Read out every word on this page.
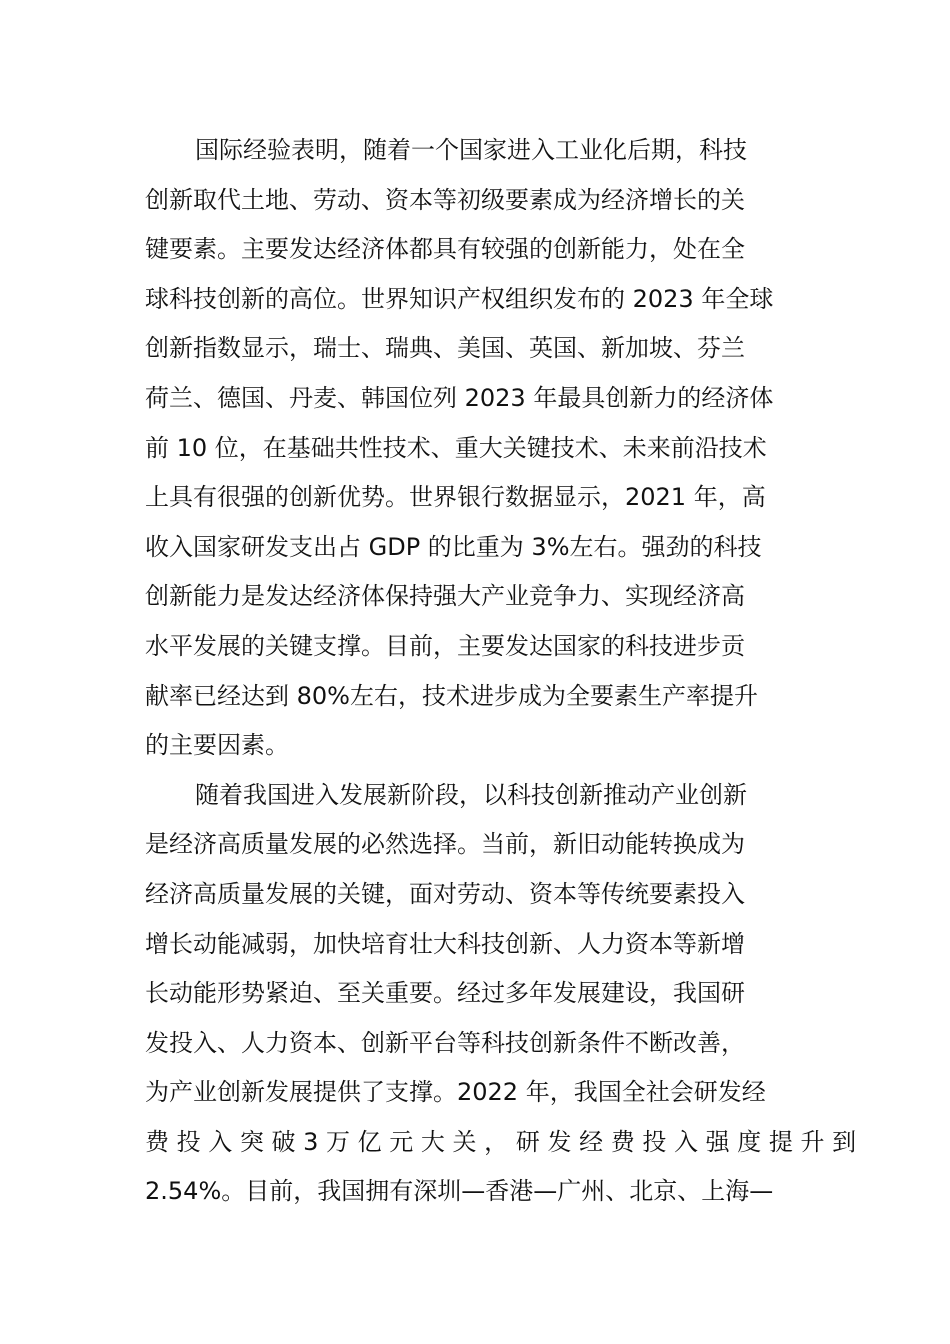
国际经验表明，随着一个国家进入工业化后期，科技
创新取代土地、劳动、资本等初级要素成为经济增长的关
键要素。主要发达经济体都具有较强的创新能力，处在全
球科技创新的高位。世界知识产权组织发布的 2023 年全球
创新指数显示，瑞士、瑞典、美国、英国、新加坡、芬兰
荷兰、德国、丹麦、韩国位列 2023 年最具创新力的经济体
前 10 位，在基础共性技术、重大关键技术、未来前沿技术
上具有很强的创新优势。世界银行数据显示，2021 年，高
收入国家研发支出占 GDP 的比重为 3%左右。强劲的科技
创新能力是发达经济体保持强大产业竞争力、实现经济高
水平发展的关键支撑。目前，主要发达国家的科技进步贡
献率已经达到 80%左右，技术进步成为全要素生产率提升
的主要因素。

随着我国进入发展新阶段，以科技创新推动产业创新
是经济高质量发展的必然选择。当前，新旧动能转换成为
经济高质量发展的关键，面对劳动、资本等传统要素投入
增长动能减弱，加快培育壮大科技创新、人力资本等新增
长动能形势紧迫、至关重要。经过多年发展建设，我国研
发投入、人力资本、创新平台等科技创新条件不断改善，
为产业创新发展提供了支撑。2022 年，我国全社会研发经
费 投 入 突 破 3 万 亿 元 大 关 ， 研 发 经 费 投 入 强 度 提 升 到
2.54%。目前，我国拥有深圳—香港—广州、北京、上海—
